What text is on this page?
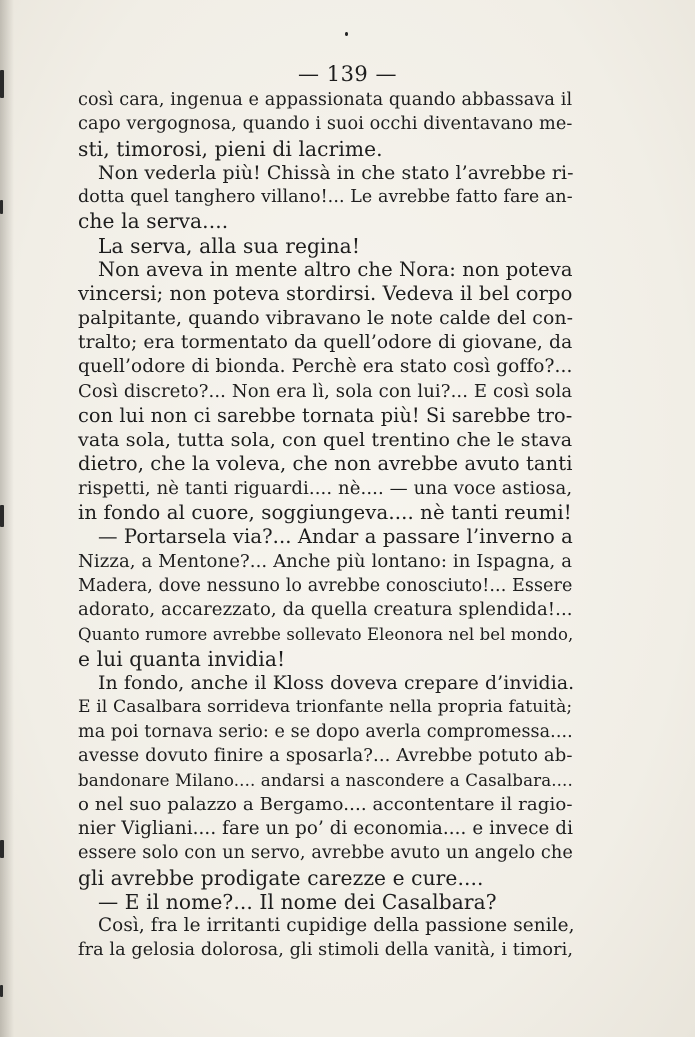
— 139 —
così cara, ingenua e appassionata quando abbassava il
capo vergognosa, quando i suoi occhi diventavano me-
sti, timorosi, pieni di lacrime.
Non vederla più! Chissà in che stato l’avrebbe ri-
dotta quel tanghero villano!... Le avrebbe fatto fare an-
che la serva....
La serva, alla sua regina!
Non aveva in mente altro che Nora: non poteva
vincersi; non poteva stordirsi. Vedeva il bel corpo
palpitante, quando vibravano le note calde del con-
tralto; era tormentato da quell’odore di giovane, da
quell’odore di bionda. Perchè era stato così goffo?...
Così discreto?... Non era lì, sola con lui?... E così sola
con lui non ci sarebbe tornata più! Si sarebbe tro-
vata sola, tutta sola, con quel trentino che le stava
dietro, che la voleva, che non avrebbe avuto tanti
rispetti, nè tanti riguardi.... nè.... — una voce astiosa,
in fondo al cuore, soggiungeva.... nè tanti reumi!
— Portarsela via?... Andar a passare l’inverno a
Nizza, a Mentone?... Anche più lontano: in Ispagna, a
Madera, dove nessuno lo avrebbe conosciuto!... Essere
adorato, accarezzato, da quella creatura splendida!...
Quanto rumore avrebbe sollevato Eleonora nel bel mondo,
e lui quanta invidia!
In fondo, anche il Kloss doveva crepare d’invidia.
E il Casalbara sorrideva trionfante nella propria fatuità;
ma poi tornava serio: e se dopo averla compromessa....
avesse dovuto finire a sposarla?... Avrebbe potuto ab-
bandonare Milano.... andarsi a nascondere a Casalbara....
o nel suo palazzo a Bergamo.... accontentare il ragio-
nier Vigliani.... fare un po’ di economia.... e invece di
essere solo con un servo, avrebbe avuto un angelo che
gli avrebbe prodigate carezze e cure....
— E il nome?... Il nome dei Casalbara?
Così, fra le irritanti cupidige della passione senile,
fra la gelosia dolorosa, gli stimoli della vanità, i timori,
